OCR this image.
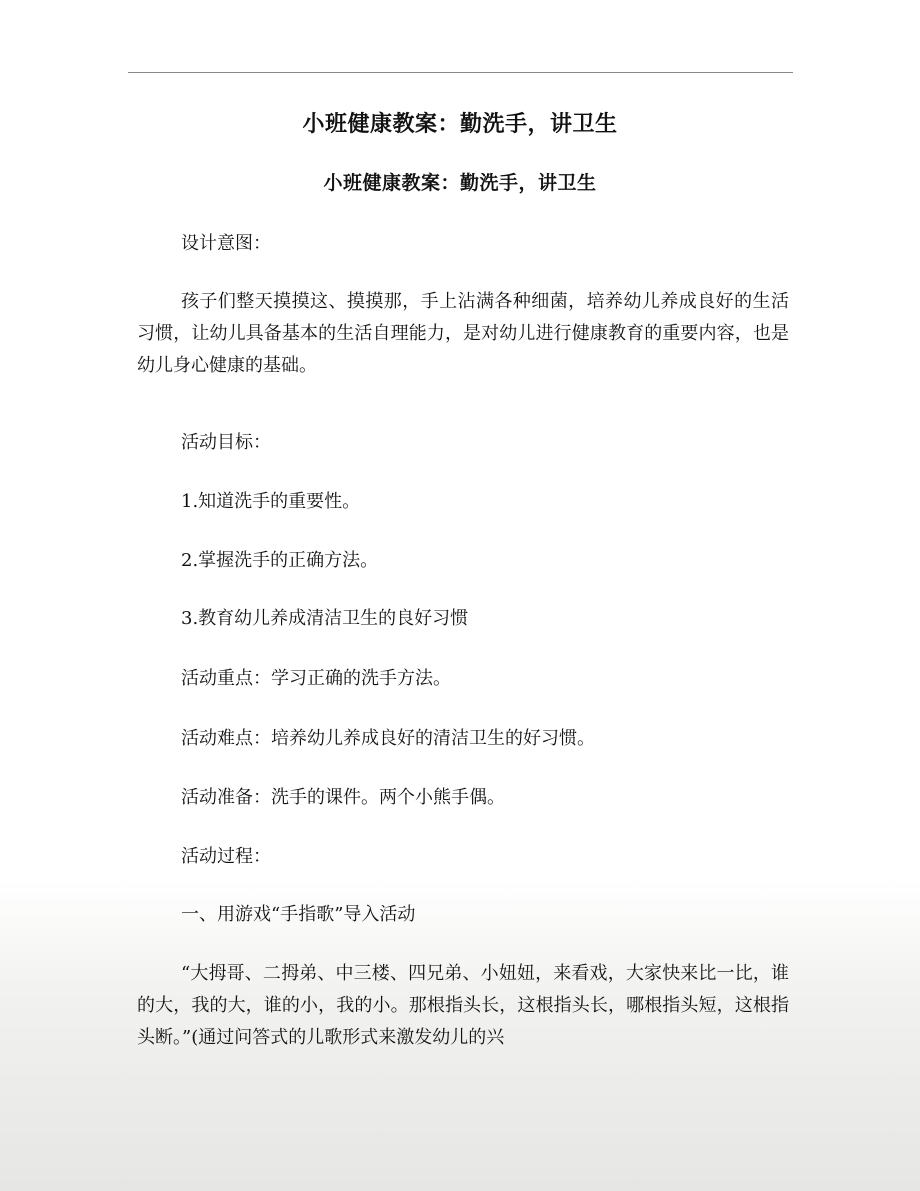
小班健康教案：勤洗手，讲卫生
小班健康教案：勤洗手，讲卫生

设计意图：

孩子们整天摸摸这、摸摸那，手上沾满各种细菌，培养幼儿养成良好的生活习惯，让幼儿具备基本的生活自理能力，是对幼儿进行健康教育的重要内容，也是幼儿身心健康的基础。

活动目标：

1.知道洗手的重要性。

2.掌握洗手的正确方法。

3.教育幼儿养成清洁卫生的良好习惯

活动重点：学习正确的洗手方法。

活动难点：培养幼儿养成良好的清洁卫生的好习惯。

活动准备：洗手的课件。两个小熊手偶。

活动过程：

一、用游戏“手指歌”导入活动

“大拇哥、二拇弟、中三楼、四兄弟、小妞妞，来看戏，大家快来比一比，谁的大，我的大，谁的小，我的小。那根指头长，这根指头长，哪根指头短，这根指头断。”(通过问答式的儿歌形式来激发幼儿的兴
